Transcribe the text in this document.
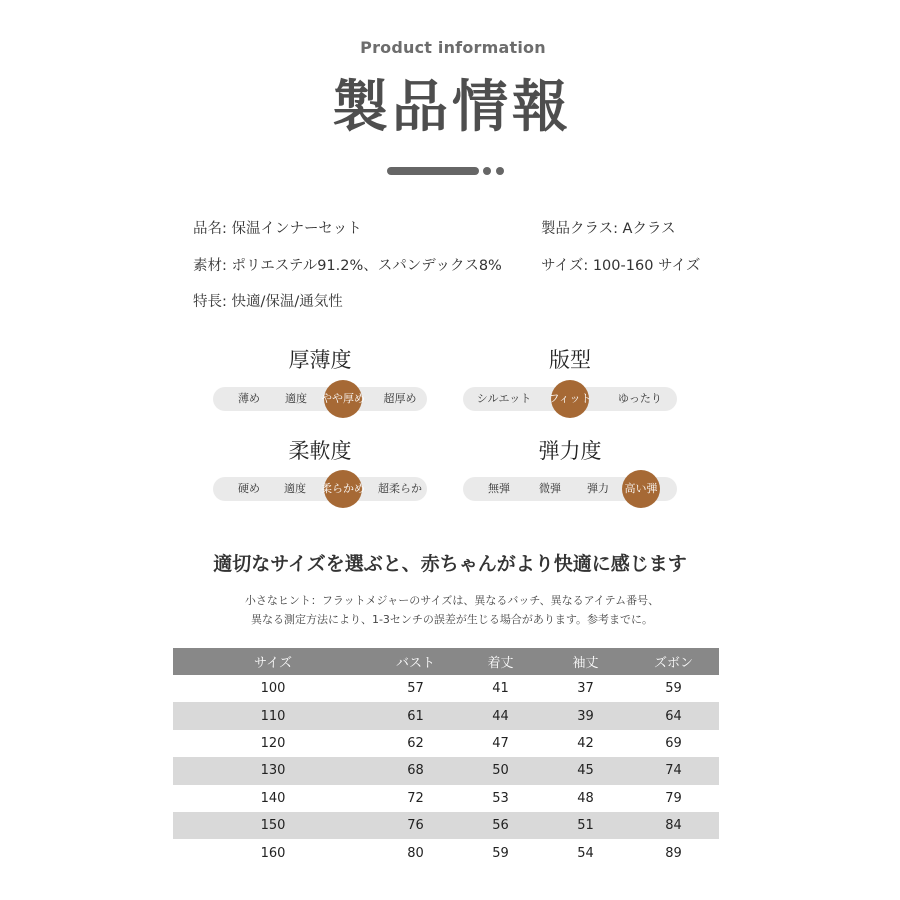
Product information
製品情報
品名: 保温インナーセット
素材: ポリエステル91.2%、スパンデックス8%
特長: 快適/保温/通気性
製品クラス: Aクラス
サイズ: 100-160 サイズ
厚薄度
薄め	適度	やや厚め	超厚め
版型
シルエット	フィット	ゆったり
柔軟度
硬め	適度	柔らかめ	超柔らか
弾力度
無弾	微弾	弾力	高い弾
適切なサイズを選ぶと、赤ちゃんがより快適に感じます
小さなヒント：フラットメジャーのサイズは、異なるバッチ、異なるアイテム番号、
異なる測定方法により、1-3センチの誤差が生じる場合があります。参考までに。
サイズ	バスト	着丈	袖丈	ズボン
100	57	41	37	59
110	61	44	39	64
120	62	47	42	69
130	68	50	45	74
140	72	53	48	79
150	76	56	51	84
160	80	59	54	89
